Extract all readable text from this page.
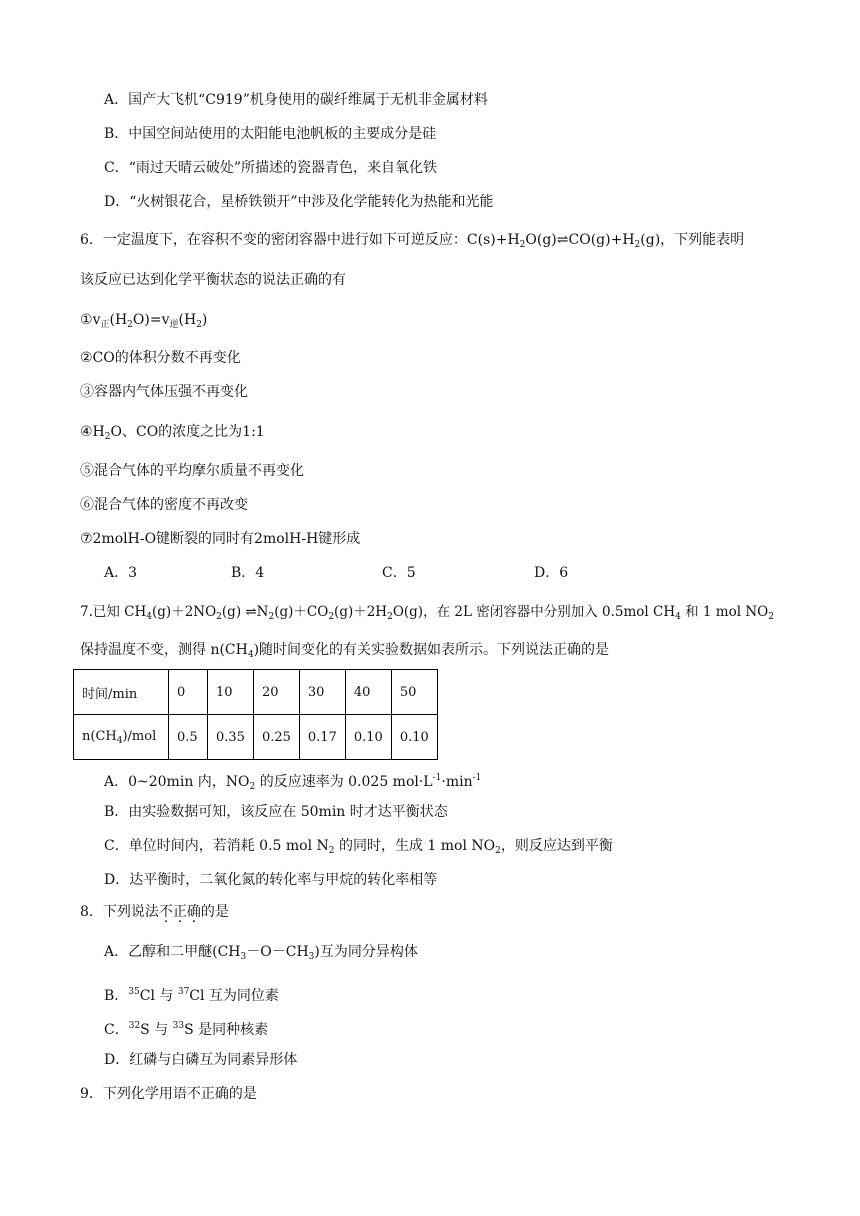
A．国产大飞机“C919”机身使用的碳纤维属于无机非金属材料
B．中国空间站使用的太阳能电池帆板的主要成分是硅
C．“雨过天晴云破处”所描述的瓷器青色，来自氧化铁
D．“火树银花合，星桥铁锁开”中涉及化学能转化为热能和光能
6．一定温度下，在容积不变的密闭容器中进行如下可逆反应：$C(s)+H_2O(g)\rightleftharpoons CO(g)+H_2(g)$，下列能表明
该反应已达到化学平衡状态的说法正确的有
$①v_正(H_2O)=v_逆(H_2)$
②CO的体积分数不再变化
③容器内气体压强不再变化
$④H_2O$、CO的浓度之比为1:1
⑤混合气体的平均摩尔质量不再变化
⑥混合气体的密度不再改变
⑦2molH-O键断裂的同时有2molH-H键形成
A．3	B．4	C．5	D．6
7.已知 $CH_4(g)+2NO_2(g)$ $\rightleftharpoons N_2(g)+CO_2(g)+2H_2O(g)$，在 2L 密闭容器中分别加入 0.5mol $CH_4$ 和 1 mol $NO_2$
保持温度不变，测得 $n(CH_4)$随时间变化的有关实验数据如表所示。下列说法正确的是
时间/min	0	10	20	30	40	50
$n(CH_4)$/mol	0.5	0.35	0.25	0.17	0.10	0.10
A．0~20min 内，$NO_2$ 的反应速率为 0.025 $mol\cdot L^{-1}\cdot\min^{-1}$
B．由实验数据可知，该反应在 50min 时才达平衡状态
C．单位时间内，若消耗 0.5 mol $N_2$ 的同时，生成 1 mol $NO_2$，则反应达到平衡
D．达平衡时，二氧化氮的转化率与甲烷的转化率相等
8．下列说法不正确的是
A．乙醇和二甲醚$(CH_3-O-CH_3)$互为同分异构体
B．$^{35}$Cl 与 $^{37}$Cl 互为同位素
C．$^{32}$S 与 $^{33}$S 是同种核素
D．红磷与白磷互为同素异形体
9．下列化学用语不正确的是
